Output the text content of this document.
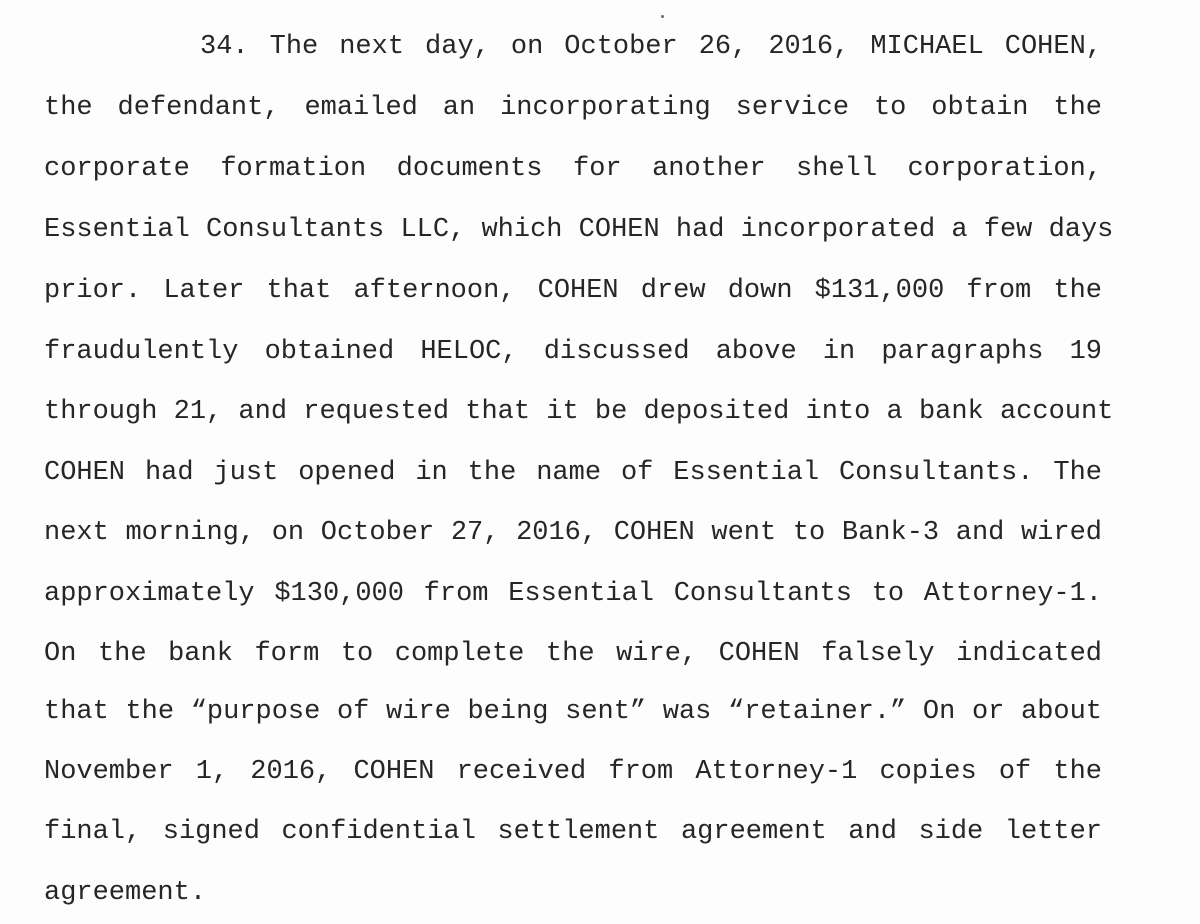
34. The next day, on October 26, 2016, MICHAEL COHEN,

the defendant, emailed an incorporating service to obtain the

corporate formation documents for another shell corporation,

Essential Consultants LLC, which COHEN had incorporated a few days

prior. Later that afternoon, COHEN drew down $131,000 from the

fraudulently obtained HELOC, discussed above in paragraphs 19

through 21, and requested that it be deposited into a bank account

COHEN had just opened in the name of Essential Consultants. The

next morning, on October 27, 2016, COHEN went to Bank-3 and wired

approximately $130,000 from Essential Consultants to Attorney-1.

On the bank form to complete the wire, COHEN falsely indicated

that the “purpose of wire being sent” was “retainer.” On or about

November 1, 2016, COHEN received from Attorney-1 copies of the

final, signed confidential settlement agreement and side letter

agreement.
